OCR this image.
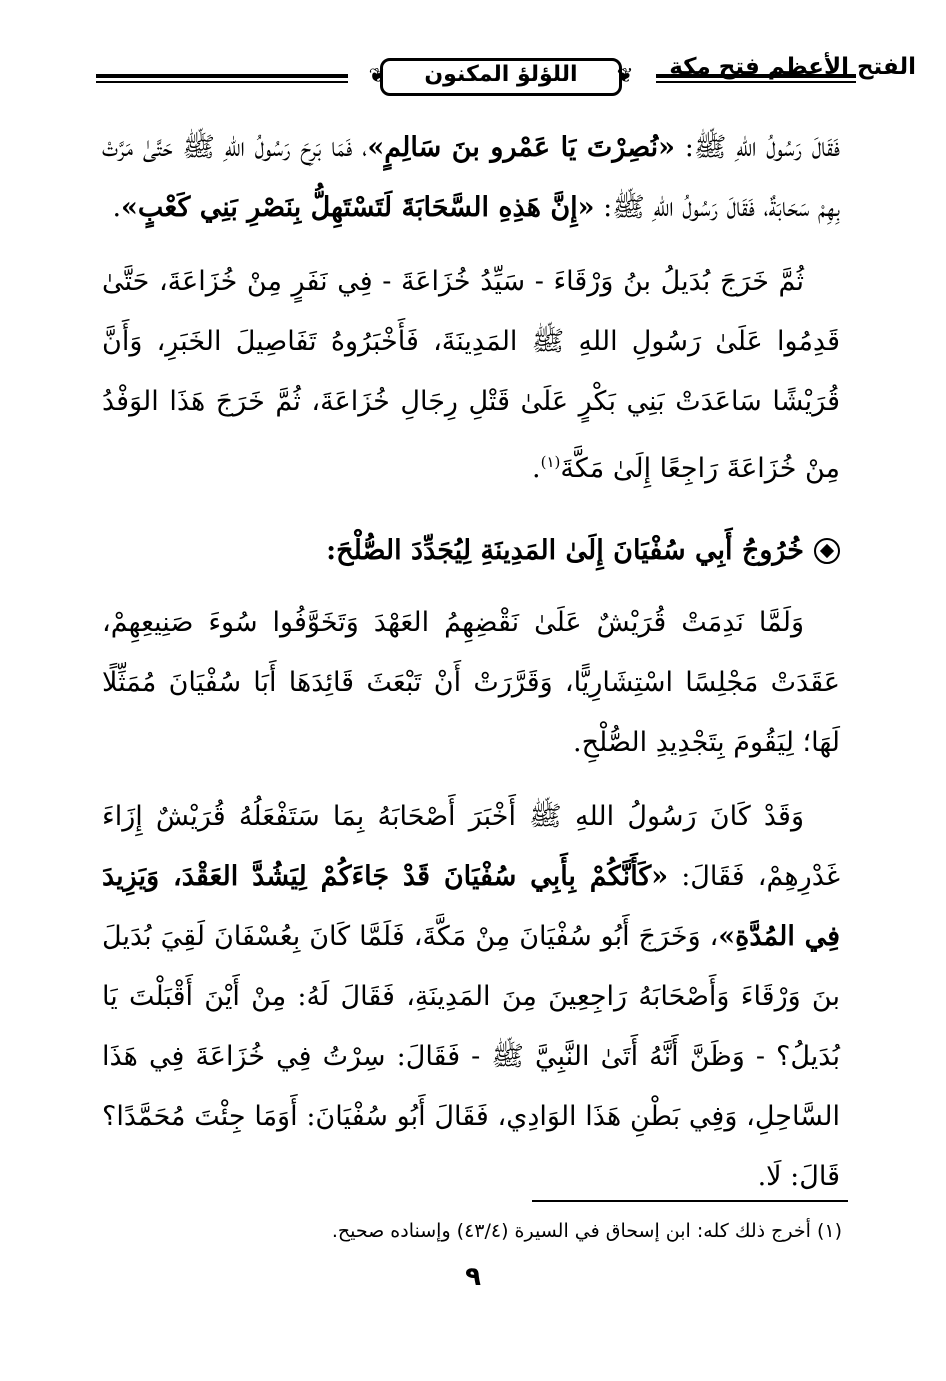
❦	❦
اللؤلؤ المكنون	الفتح الأعظم فتح مكة

فَقَالَ رَسُولُ اللهِ ﷺ: «نُصِرْتَ يَا عَمْرو بنَ سَالِمٍ»، فَمَا بَرِحَ رَسُولُ اللهِ ﷺ حَتَّىٰ مَرَّتْ بِهِمْ سَحَابَةٌ، فَقَالَ رَسُولُ اللهِ ﷺ: «إِنَّ هَذِهِ السَّحَابَةَ لَتَسْتَهِلُّ بِنَصْرِ بَنِي كَعْبٍ».

ثُمَّ خَرَجَ بُدَيلُ بنُ وَرْقَاءَ - سَيِّدُ خُزَاعَةَ - فِي نَفَرٍ مِنْ خُزَاعَةَ، حَتَّىٰ قَدِمُوا عَلَىٰ رَسُولِ اللهِ ﷺ المَدِينَةَ، فَأَخْبَرُوهُ تَفَاصِيلَ الخَبَرِ، وَأَنَّ قُرَيْشًا سَاعَدَتْ بَنِي بَكْرٍ عَلَىٰ قَتْلِ رِجَالِ خُزَاعَةَ، ثُمَّ خَرَجَ هَذَا الوَفْدُ مِنْ خُزَاعَةَ رَاجِعًا إِلَىٰ مَكَّةَ$^{(١)}$.

خُرُوجُ أَبِي سُفْيَانَ إِلَىٰ المَدِينَةِ لِيُجَدِّدَ الصُّلْحَ:

وَلَمَّا نَدِمَتْ قُرَيْشٌ عَلَىٰ نَقْضِهِمُ العَهْدَ وَتَخَوَّفُوا سُوءَ صَنِيعِهِمْ، عَقَدَتْ مَجْلِسًا اسْتِشَارِيًّا، وَقَرَّرَتْ أَنْ تَبْعَثَ قَائِدَهَا أَبَا سُفْيَانَ مُمَثِّلًا لَهَا؛ لِيَقُومَ بِتَجْدِيدِ الصُّلْحِ.

وَقَدْ كَانَ رَسُولُ اللهِ ﷺ أَخْبَرَ أَصْحَابَهُ بِمَا سَتَفْعَلُهُ قُرَيْشٌ إِزَاءَ غَدْرِهِمْ، فَقَالَ: «كَأَنَّكُمْ بِأَبِي سُفْيَانَ قَدْ جَاءَكُمْ لِيَشُدَّ العَقْدَ، وَيَزِيدَ فِي المُدَّةِ»، وَخَرَجَ أَبُو سُفْيَانَ مِنْ مَكَّةَ، فَلَمَّا كَانَ بِعُسْفَانَ لَقِيَ بُدَيلَ بنَ وَرْقَاءَ وَأَصْحَابَهُ رَاجِعِينَ مِنَ المَدِينَةِ، فَقَالَ لَهُ: مِنْ أَيْنَ أَقْبَلْتَ يَا بُدَيلُ؟ - وَظَنَّ أَنَّهُ أَتَىٰ النَّبِيَّ ﷺ - فَقَالَ: سِرْتُ فِي خُزَاعَةَ فِي هَذَا السَّاحِلِ، وَفِي بَطْنِ هَذَا الوَادِي، فَقَالَ أَبُو سُفْيَانَ: أَوَمَا جِئْتَ مُحَمَّدًا؟ قَالَ: لَا.

(١) أخرج ذلك كله: ابن إسحاق في السيرة (٤٣/٤) وإسناده صحيح.
٩
